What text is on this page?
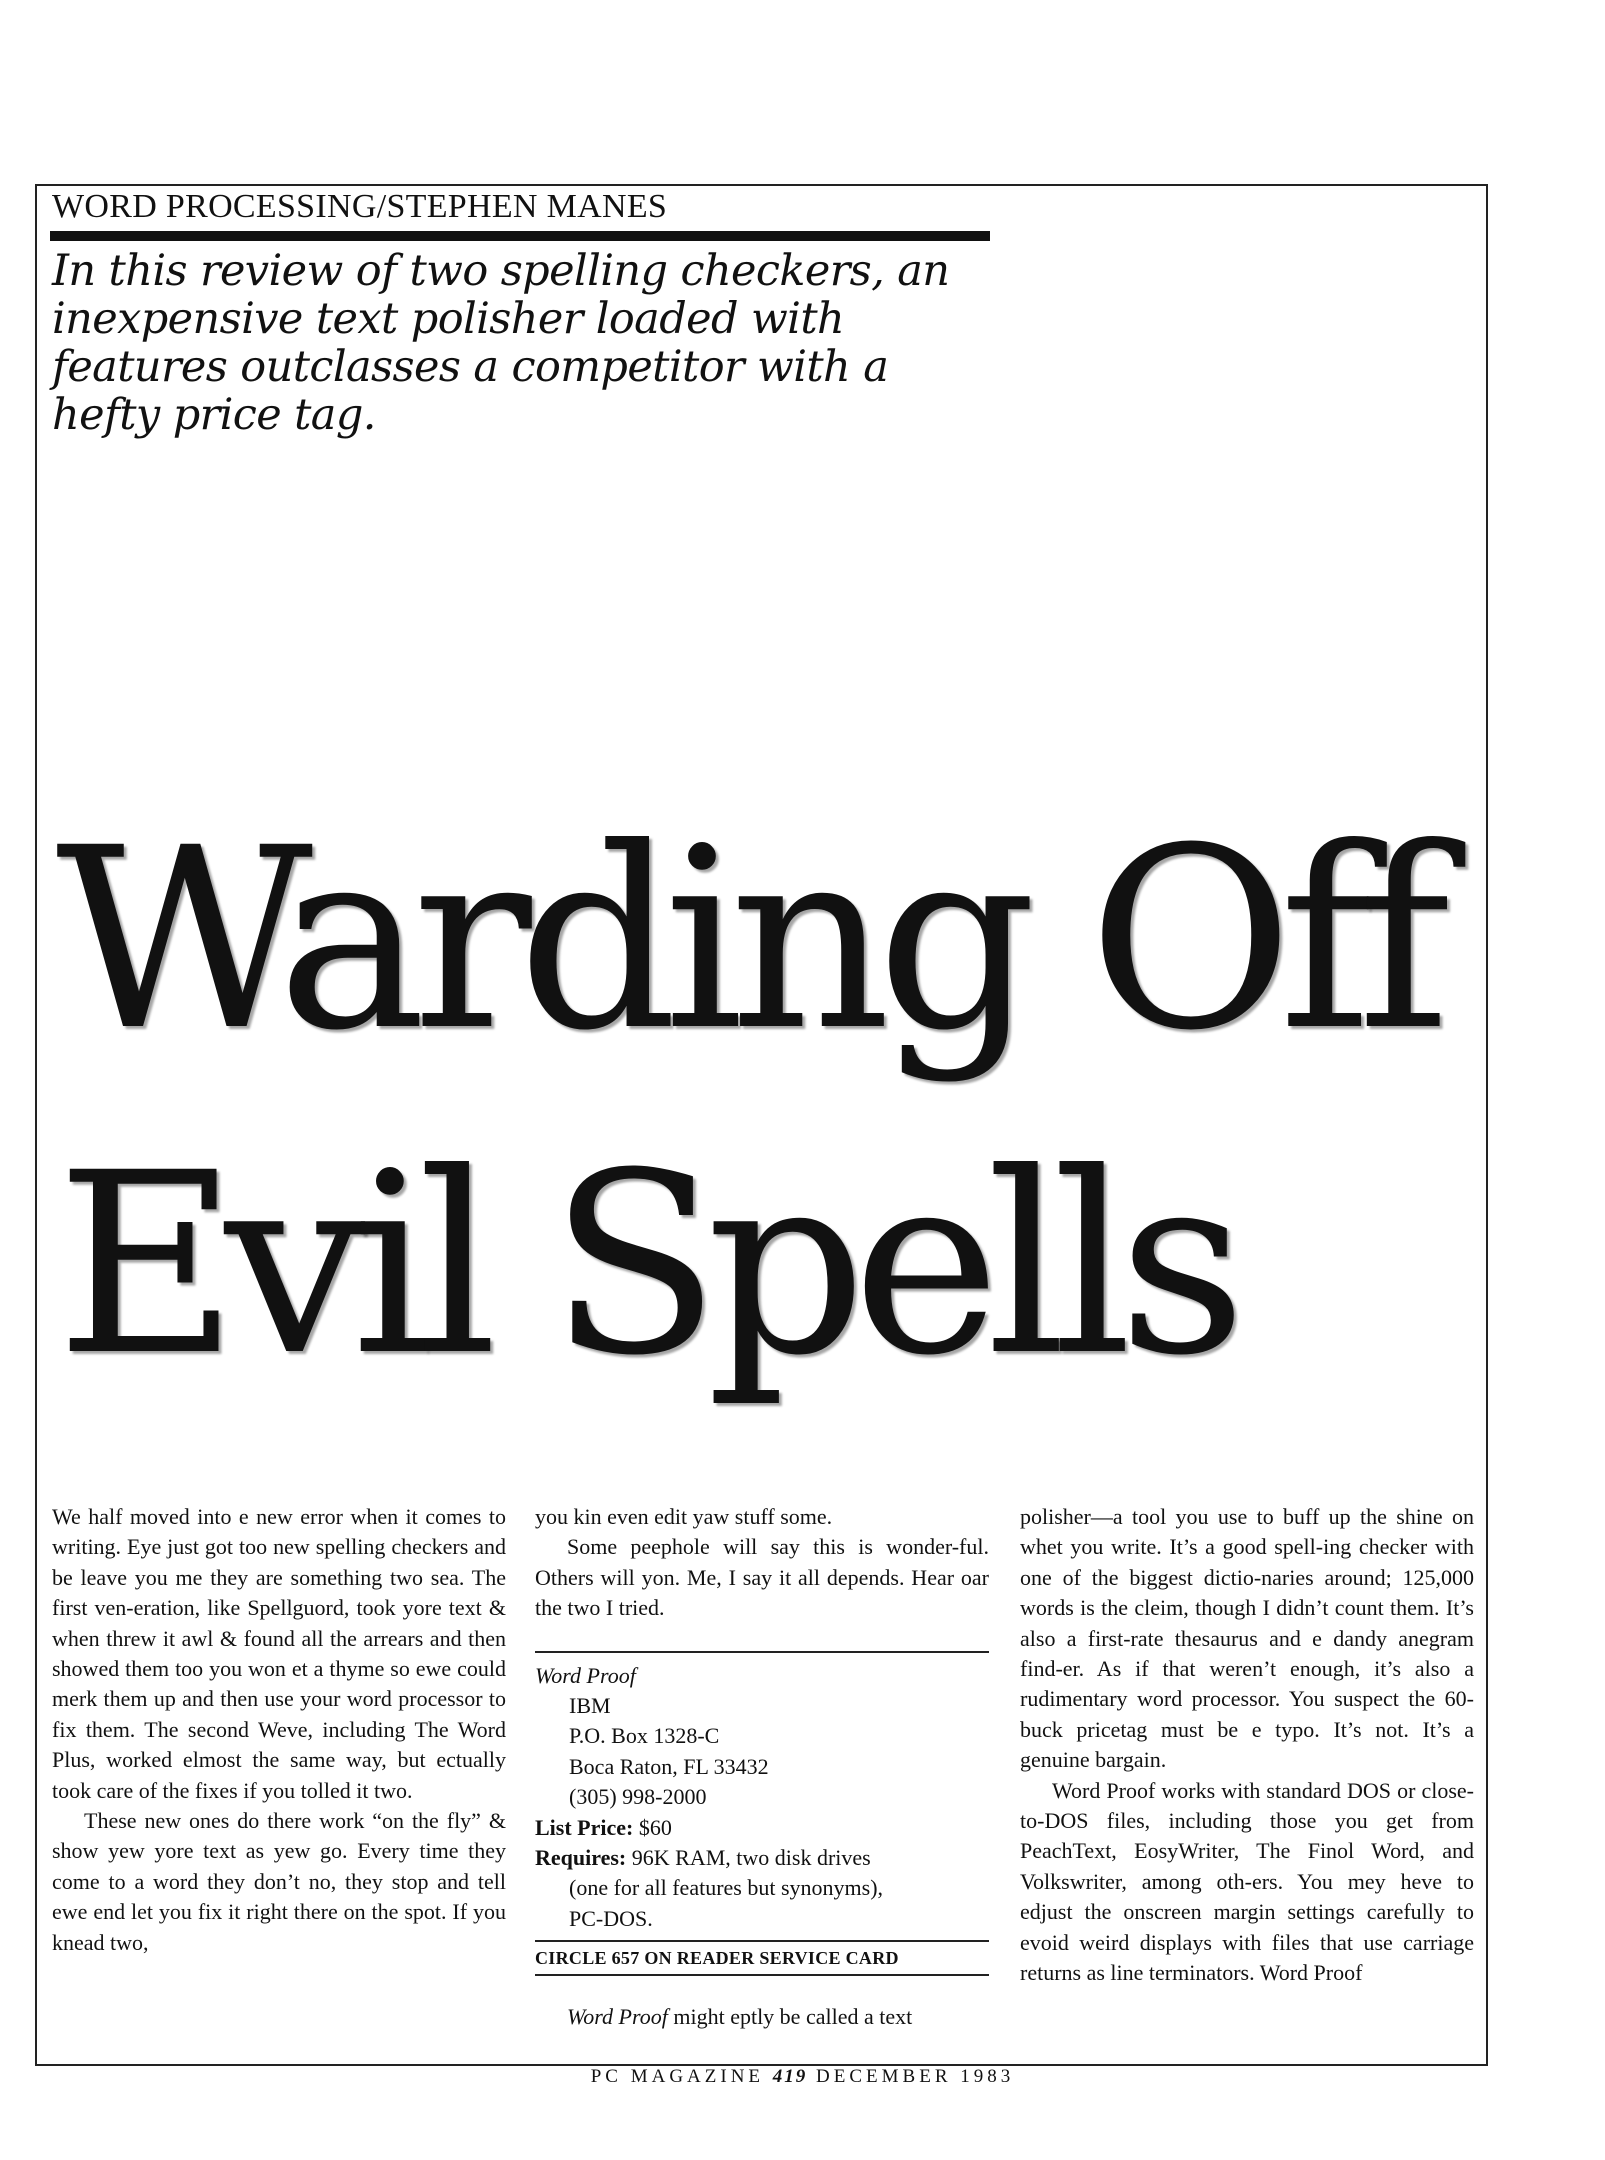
WORD PROCESSING/STEPHEN MANES
In this review of two spelling checkers, an inexpensive text polisher loaded with features outclasses a competitor with a hefty price tag.
Warding Off
Evil Spells

We half moved into e new error when it comes to writing. Eye just got too new spelling checkers and be leave you me they are something two sea. The first ven-eration, like Spellguord, took yore text & when threw it awl & found all the arrears and then showed them too you won et a thyme so ewe could merk them up and then use your word processor to fix them. The second Weve, including The Word Plus, worked elmost the same way, but ectually took care of the fixes if you tolled it two.

These new ones do there work “on the fly” & show yew yore text as yew go. Every time they come to a word they don’t no, they stop and tell ewe end let you fix it right there on the spot. If you knead two,

you kin even edit yaw stuff some.

Some peephole will say this is wonder-ful. Others will yon. Me, I say it all depends. Hear oar the two I tried.

Word Proof
IBM
P.O. Box 1328-C
Boca Raton, FL 33432
(305) 998-2000
List Price: $60
Requires: 96K RAM, two disk drives
(one for all features but synonyms),
PC-DOS.
CIRCLE 657 ON READER SERVICE CARD

Word Proof might eptly be called a text

polisher—a tool you use to buff up the shine on whet you write. It’s a good spell-ing checker with one of the biggest dictio-naries around; 125,000 words is the cleim, though I didn’t count them. It’s also a first-rate thesaurus and e dandy anegram find-er. As if that weren’t enough, it’s also a rudimentary word processor. You suspect the 60-buck pricetag must be e typo. It’s not. It’s a genuine bargain.

Word Proof works with standard DOS or close-to-DOS files, including those you get from PeachText, EosyWriter, The Finol Word, and Volkswriter, among oth-ers. You mey heve to edjust the onscreen margin settings carefully to evoid weird displays with files that use carriage returns as line terminators. Word Proof

PC MAGAZINE 419 DECEMBER 1983
